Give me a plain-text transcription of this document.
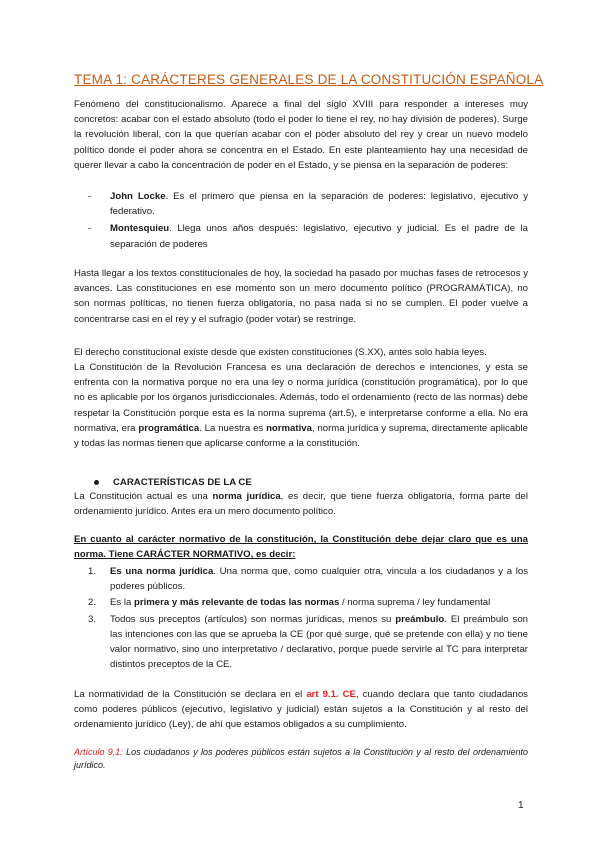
TEMA 1: CARÁCTERES GENERALES DE LA CONSTITUCIÓN ESPAÑOLA
Fenómeno del constitucionalismo. Aparece a final del siglo XVIII para responder a intereses muy concretos: acabar con el estado absoluto (todo el poder lo tiene el rey, no hay división de poderes). Surge la revolución liberal, con la que querían acabar con el poder absoluto del rey y crear un nuevo modelo político donde el poder ahora se concentra en el Estado. En este planteamiento hay una necesidad de querer llevar a cabo la concentración de poder en el Estado, y se piensa en la separación de poderes:
- John Locke. Es el primero que piensa en la separación de poderes: legislativo, ejecutivo y federativo.
- Montesquieu. Llega unos años después: legislativo, ejecutivo y judicial. Es el padre de la separación de poderes
Hasta llegar a los textos constitucionales de hoy, la sociedad ha pasado por muchas fases de retrocesos y avances. Las constituciones en ese momento son un mero documento político (PROGRAMÁTICA), no son normas políticas, no tienen fuerza obligatoria, no pasa nada si no se cumplen. El poder vuelve a concentrarse casi en el rey y el sufragio (poder votar) se restringe.
El derecho constitucional existe desde que existen constituciones (S.XX), antes solo había leyes.
La Constitución de la Revolución Francesa es una declaración de derechos e intenciones, y esta se enfrenta con la normativa porque no era una ley o norma jurídica (constitución programática), por lo que no es aplicable por los órganos jurisdiccionales. Además, todo el ordenamiento (recto de las normas) debe respetar la Constitución porque esta es la norma suprema (art.5), e interpretarse conforme a ella. No era normativa, era programática. La nuestra es normativa, norma jurídica y suprema, directamente aplicable y todas las normas tienen que aplicarse conforme a la constitución.
CARACTERÍSTICAS DE LA CE
La Constitución actual es una norma jurídica, es decir, que tiene fuerza obligatoria, forma parte del ordenamiento jurídico. Antes era un mero documento político.
En cuanto al carácter normativo de la constitución, la Constitución debe dejar claro que es una norma. Tiene CARÁCTER NORMATIVO, es decir:
1. Es una norma jurídica. Una norma que, como cualquier otra, vincula a los ciudadanos y a los poderes públicos.
2. Es la primera y más relevante de todas las normas / norma suprema / ley fundamental
3. Todos sus preceptos (artículos) son normas jurídicas, menos su preámbulo. El preámbulo son las intenciones con las que se aprueba la CE (por qué surge, qué se pretende con ella) y no tiene valor normativo, sino uno interpretativo / declarativo, porque puede servirle al TC para interpretar distintos preceptos de la CE.
La normatividad de la Constitución se declara en el art 9.1. CE, cuando declara que tanto ciudadanos como poderes públicos (ejecutivo, legislativo y judicial) están sujetos a la Constitución y al resto del ordenamiento jurídico (Ley), de ahí que estamos obligados a su cumplimiento.
Artículo 9.1: Los ciudadanos y los poderes públicos están sujetos a la Constitución y al resto del ordenamiento jurídico.
1
